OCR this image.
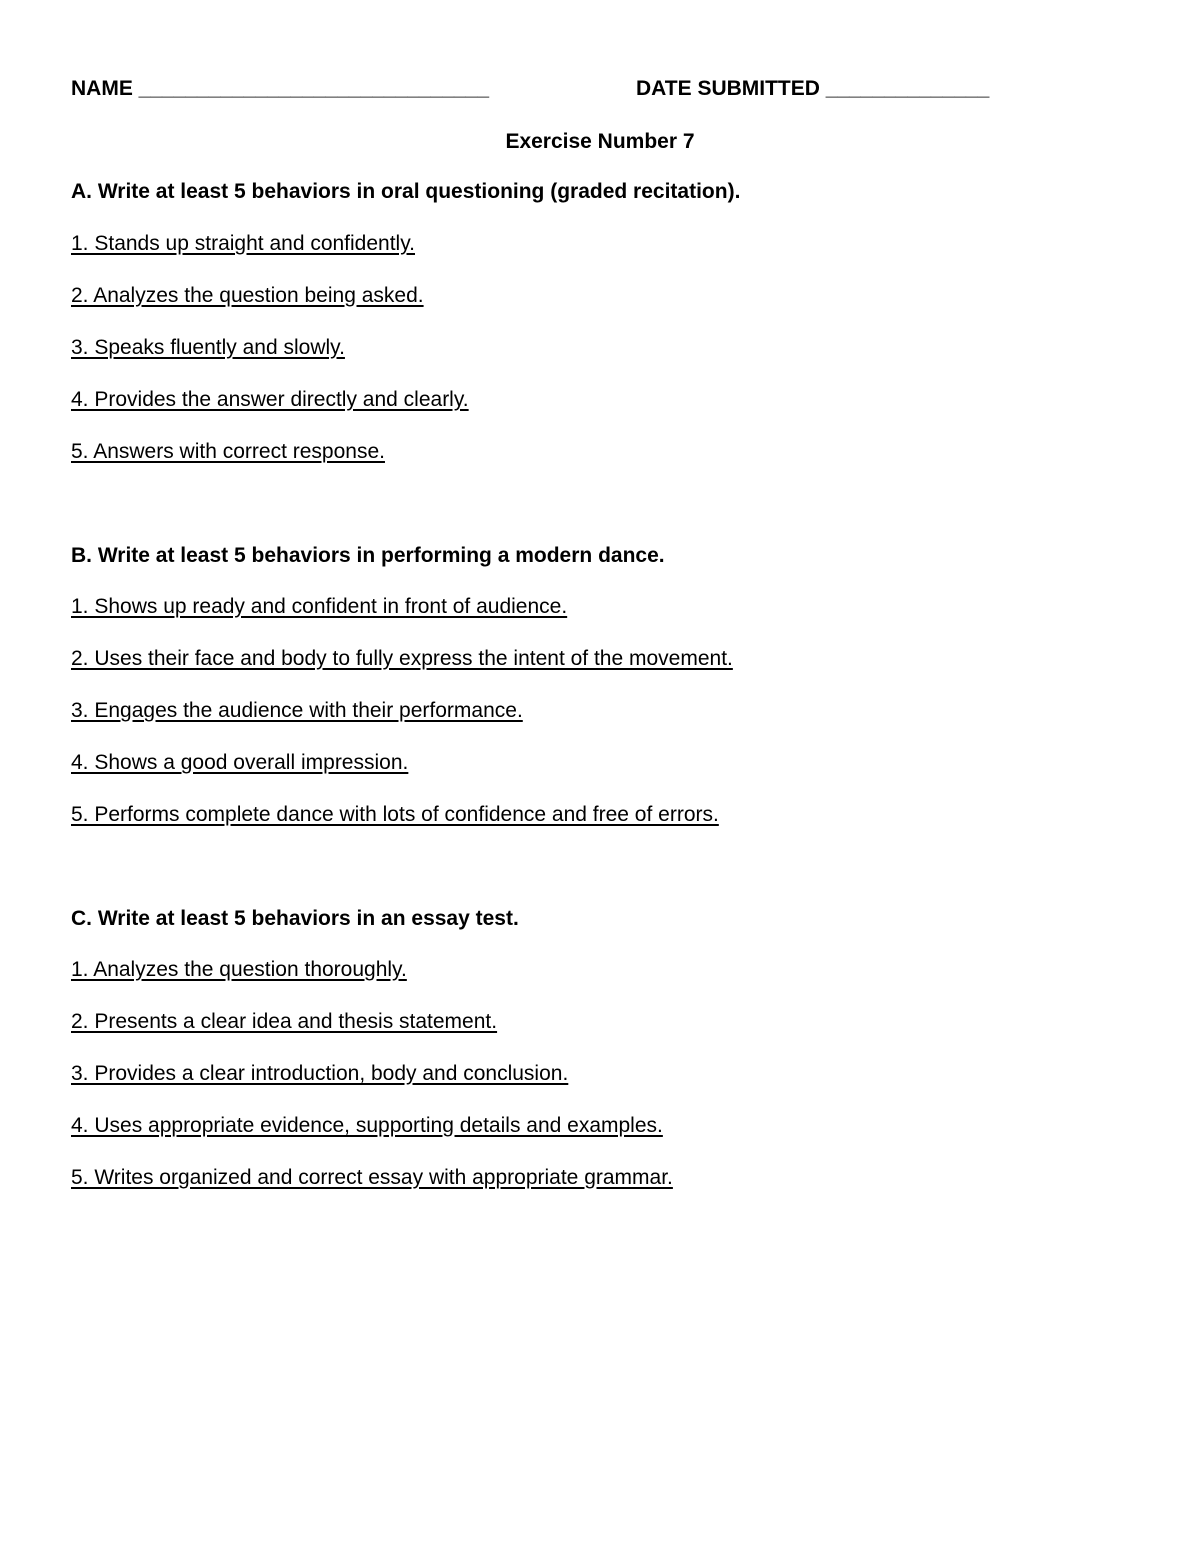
NAME ______________________________	DATE SUBMITTED ______________
Exercise Number 7
A. Write at least 5 behaviors in oral questioning (graded recitation).
1. Stands up straight and confidently.
2. Analyzes the question being asked.
3. Speaks fluently and slowly.
4. Provides the answer directly and clearly.
5. Answers with correct response.
B. Write at least 5 behaviors in performing a modern dance.
1. Shows up ready and confident in front of audience.
2. Uses their face and body to fully express the intent of the movement.
3. Engages the audience with their performance.
4. Shows a good overall impression.
5. Performs complete dance with lots of confidence and free of errors.
C. Write at least 5 behaviors in an essay test.
1. Analyzes the question thoroughly.
2. Presents a clear idea and thesis statement.
3. Provides a clear introduction, body and conclusion.
4. Uses appropriate evidence, supporting details and examples.
5. Writes organized and correct essay with appropriate grammar.
